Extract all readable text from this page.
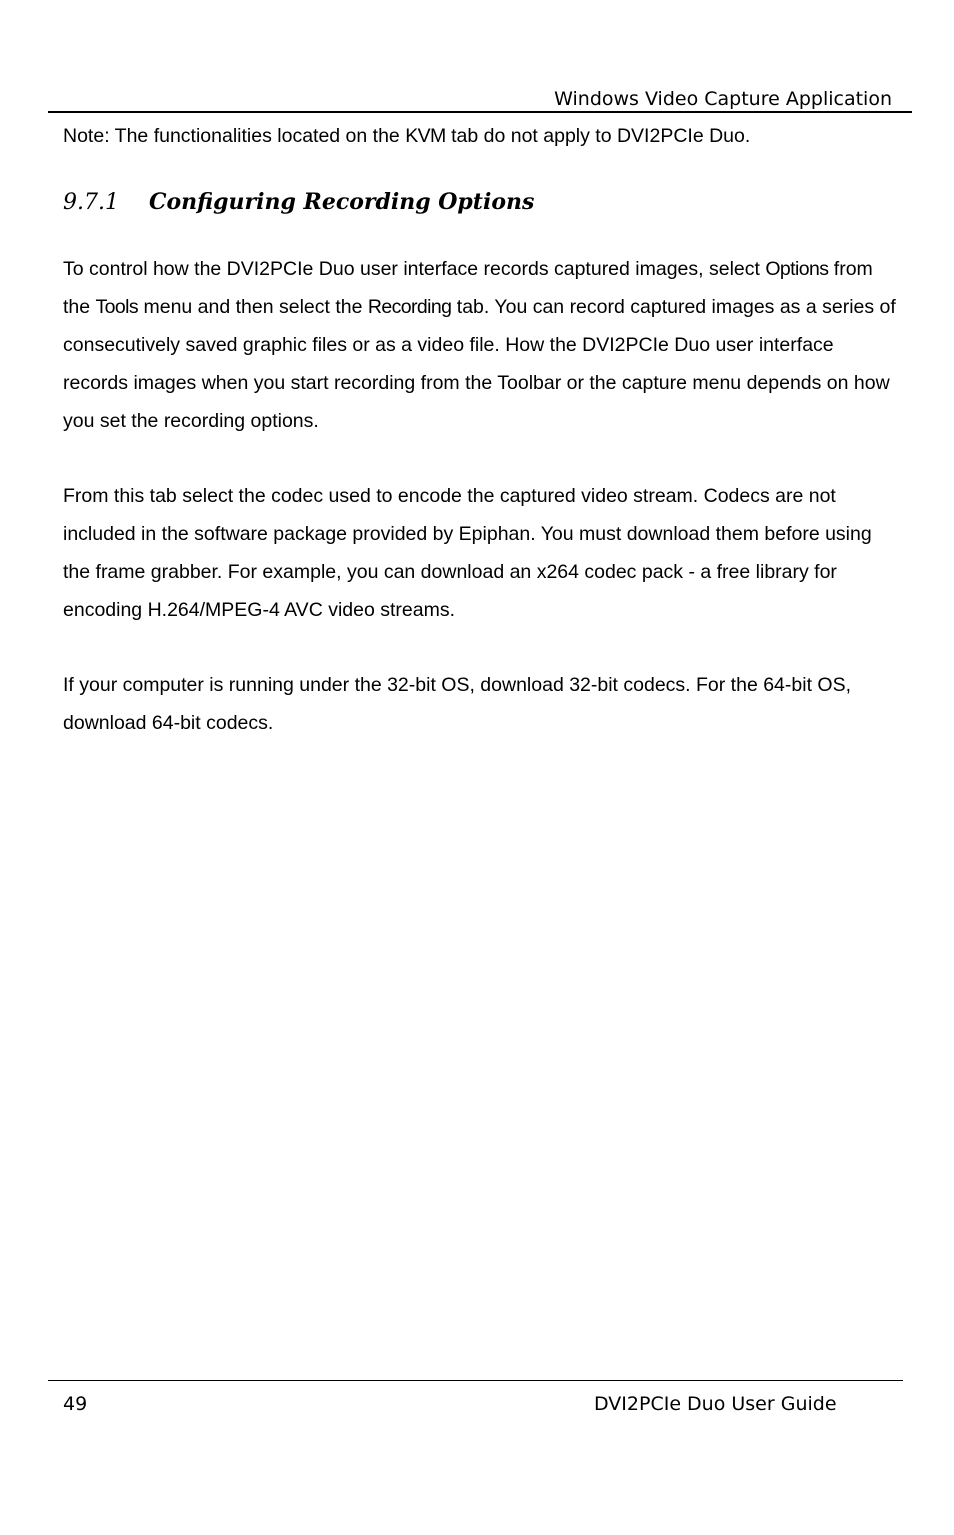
Windows Video Capture Application

Note: The functionalities located on the KVM tab do not apply to DVI2PCIe Duo.

9.7.1 Configuring Recording Options

To control how the DVI2PCIe Duo user interface records captured images, select Options from the Tools menu and then select the Recording tab. You can record captured images as a series of consecutively saved graphic files or as a video file. How the DVI2PCIe Duo user interface records images when you start recording from the Toolbar or the capture menu depends on how you set the recording options.

From this tab select the codec used to encode the captured video stream. Codecs are not included in the software package provided by Epiphan. You must download them before using the frame grabber. For example, you can download an x264 codec pack - a free library for encoding H.264/MPEG-4 AVC video streams.

If your computer is running under the 32-bit OS, download 32-bit codecs. For the 64-bit OS, download 64-bit codecs.

49	DVI2PCIe Duo User Guide
